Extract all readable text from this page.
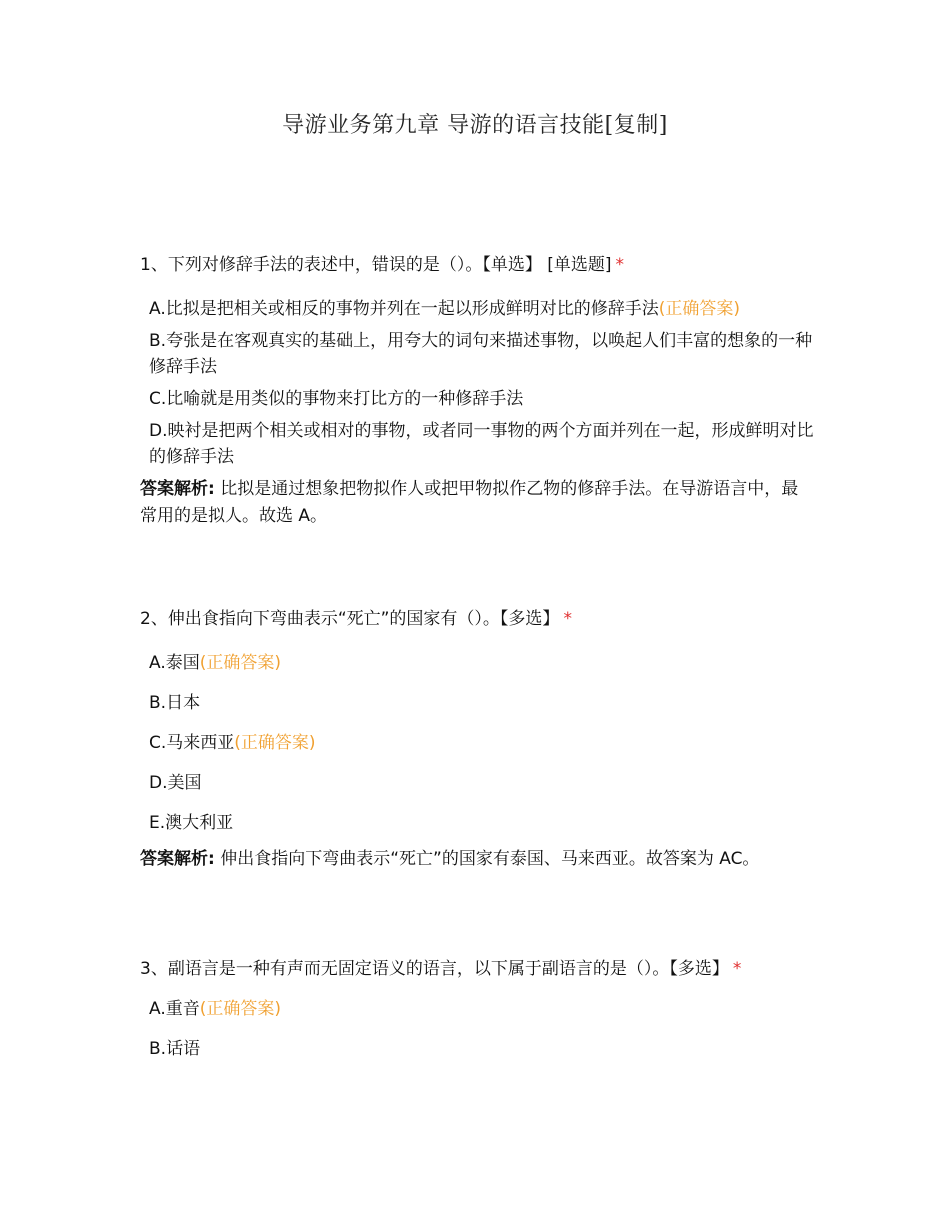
导游业务第九章 导游的语言技能[复制]

1、下列对修辞手法的表述中，错误的是（）。【单选】 [单选题] *

A.比拟是把相关或相反的事物并列在一起以形成鲜明对比的修辞手法(正确答案)
B.夸张是在客观真实的基础上，用夸大的词句来描述事物，以唤起人们丰富的想象的一种修辞手法
C.比喻就是用类似的事物来打比方的一种修辞手法
D.映衬是把两个相关或相对的事物，或者同一事物的两个方面并列在一起，形成鲜明对比的修辞手法

答案解析: 比拟是通过想象把物拟作人或把甲物拟作乙物的修辞手法。在导游语言中，最常用的是拟人。故选 A。

2、伸出食指向下弯曲表示“死亡”的国家有（）。【多选】 *

A.泰国(正确答案)
B.日本
C.马来西亚(正确答案)
D.美国
E.澳大利亚

答案解析: 伸出食指向下弯曲表示“死亡”的国家有泰国、马来西亚。故答案为 AC。

3、副语言是一种有声而无固定语义的语言，以下属于副语言的是（）。【多选】 *

A.重音(正确答案)
B.话语
